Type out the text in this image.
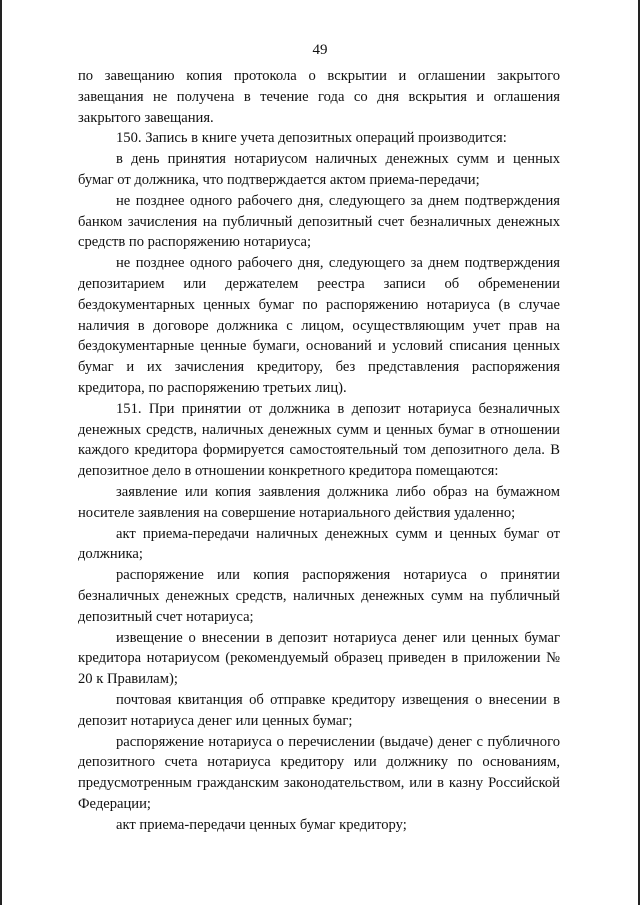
49

по завещанию копия протокола о вскрытии и оглашении закрытого завещания не получена в течение года со дня вскрытия и оглашения закрытого завещания.

150. Запись в книге учета депозитных операций производится:

в день принятия нотариусом наличных денежных сумм и ценных бумаг от должника, что подтверждается актом приема-передачи;

не позднее одного рабочего дня, следующего за днем подтверждения банком зачисления на публичный депозитный счет безналичных денежных средств по распоряжению нотариуса;

не позднее одного рабочего дня, следующего за днем подтверждения депозитарием или держателем реестра записи об обременении бездокументарных ценных бумаг по распоряжению нотариуса (в случае наличия в договоре должника с лицом, осуществляющим учет прав на бездокументарные ценные бумаги, оснований и условий списания ценных бумаг и их зачисления кредитору, без представления распоряжения кредитора, по распоряжению третьих лиц).

151. При принятии от должника в депозит нотариуса безналичных денежных средств, наличных денежных сумм и ценных бумаг в отношении каждого кредитора формируется самостоятельный том депозитного дела. В депозитное дело в отношении конкретного кредитора помещаются:

заявление или копия заявления должника либо образ на бумажном носителе заявления на совершение нотариального действия удаленно;

акт приема-передачи наличных денежных сумм и ценных бумаг от должника;

распоряжение или копия распоряжения нотариуса о принятии безналичных денежных средств, наличных денежных сумм на публичный депозитный счет нотариуса;

извещение о внесении в депозит нотариуса денег или ценных бумаг кредитора нотариусом (рекомендуемый образец приведен в приложении № 20 к Правилам);

почтовая квитанция об отправке кредитору извещения о внесении в депозит нотариуса денег или ценных бумаг;

распоряжение нотариуса о перечислении (выдаче) денег с публичного депозитного счета нотариуса кредитору или должнику по основаниям, предусмотренным гражданским законодательством, или в казну Российской Федерации;

акт приема-передачи ценных бумаг кредитору;
